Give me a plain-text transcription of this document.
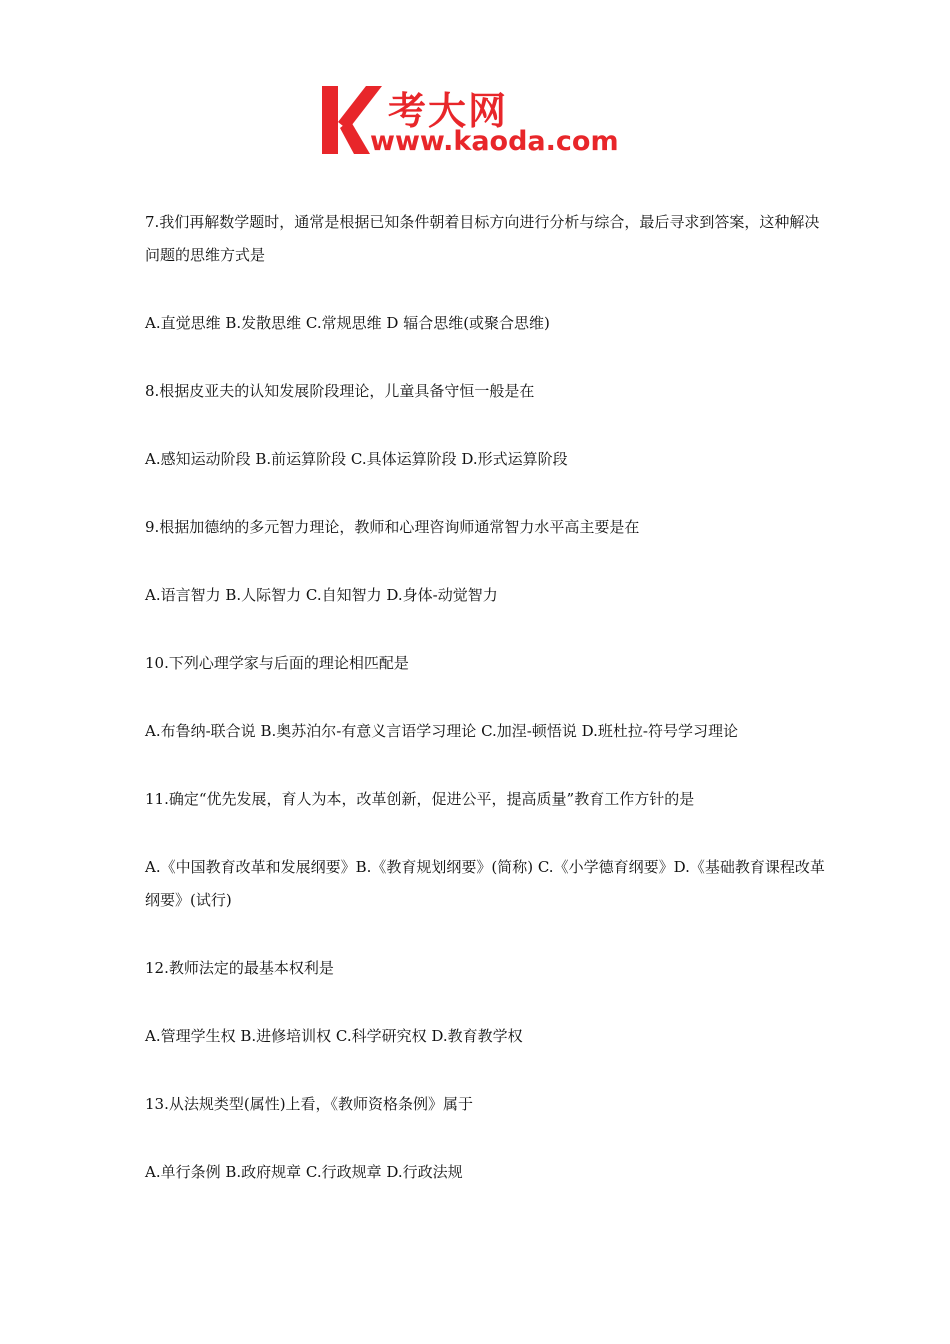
考大网
www.kaoda.com

7.我们再解数学题时，通常是根据已知条件朝着目标方向进行分析与综合，最后寻求到答案，这种解决问题的思维方式是

A.直觉思维 B.发散思维 C.常规思维 D 辐合思维(或聚合思维)

8.根据皮亚夫的认知发展阶段理论，儿童具备守恒一般是在

A.感知运动阶段 B.前运算阶段 C.具体运算阶段 D.形式运算阶段

9.根据加德纳的多元智力理论，教师和心理咨询师通常智力水平高主要是在

A.语言智力 B.人际智力 C.自知智力 D.身体-动觉智力

10.下列心理学家与后面的理论相匹配是

A.布鲁纳-联合说 B.奥苏泊尔-有意义言语学习理论 C.加涅-顿悟说 D.班杜拉-符号学习理论

11.确定“优先发展，育人为本，改革创新，促进公平，提高质量”教育工作方针的是

A.《中国教育改革和发展纲要》B.《教育规划纲要》(简称) C.《小学德育纲要》D.《基础教育课程改革纲要》(试行)

12.教师法定的最基本权利是

A.管理学生权 B.进修培训权 C.科学研究权 D.教育教学权

13.从法规类型(属性)上看，《教师资格条例》属于

A.单行条例 B.政府规章 C.行政规章 D.行政法规
